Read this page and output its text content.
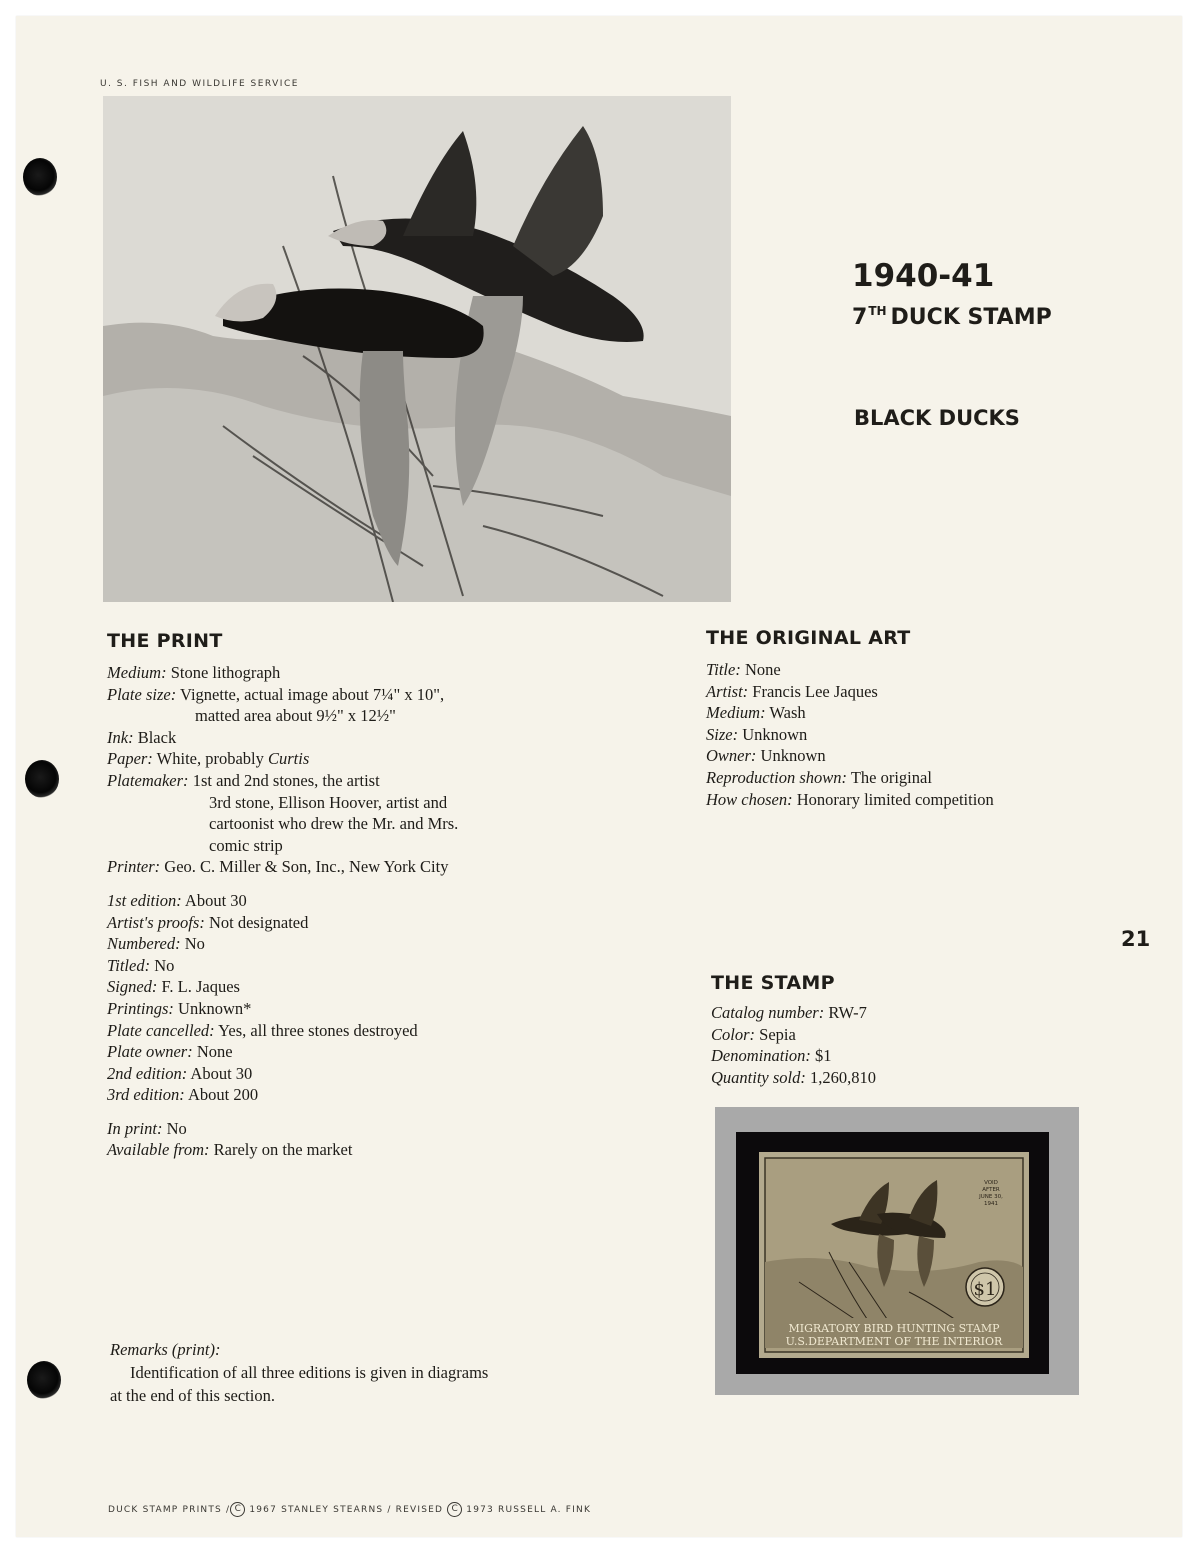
U. S. FISH AND WILDLIFE SERVICE
1940-41
7TH DUCK STAMP
BLACK DUCKS
THE PRINT
Medium: Stone lithograph
Plate size: Vignette, actual image about 7¼" x 10",
matted area about 9½" x 12½"
Ink: Black
Paper: White, probably Curtis
Platemaker: 1st and 2nd stones, the artist
3rd stone, Ellison Hoover, artist and
cartoonist who drew the Mr. and Mrs.
comic strip
Printer: Geo. C. Miller & Son, Inc., New York City
1st edition: About 30
Artist's proofs: Not designated
Numbered: No
Titled: No
Signed: F. L. Jaques
Printings: Unknown*
Plate cancelled: Yes, all three stones destroyed
Plate owner: None
2nd edition: About 30
3rd edition: About 200
In print: No
Available from: Rarely on the market
THE ORIGINAL ART
Title: None
Artist: Francis Lee Jaques
Medium: Wash
Size: Unknown
Owner: Unknown
Reproduction shown: The original
How chosen: Honorary limited competition
21
THE STAMP
Catalog number: RW-7
Color: Sepia
Denomination: $1
Quantity sold: 1,260,810
VOID
AFTER
JUNE 30,
1941
$1
MIGRATORY BIRD HUNTING STAMP
U.S.DEPARTMENT OF THE INTERIOR
Remarks (print):
Identification of all three editions is given in diagrams
at the end of this section.
DUCK STAMP PRINTS / C 1967 STANLEY STEARNS / REVISED C 1973 RUSSELL A. FINK
